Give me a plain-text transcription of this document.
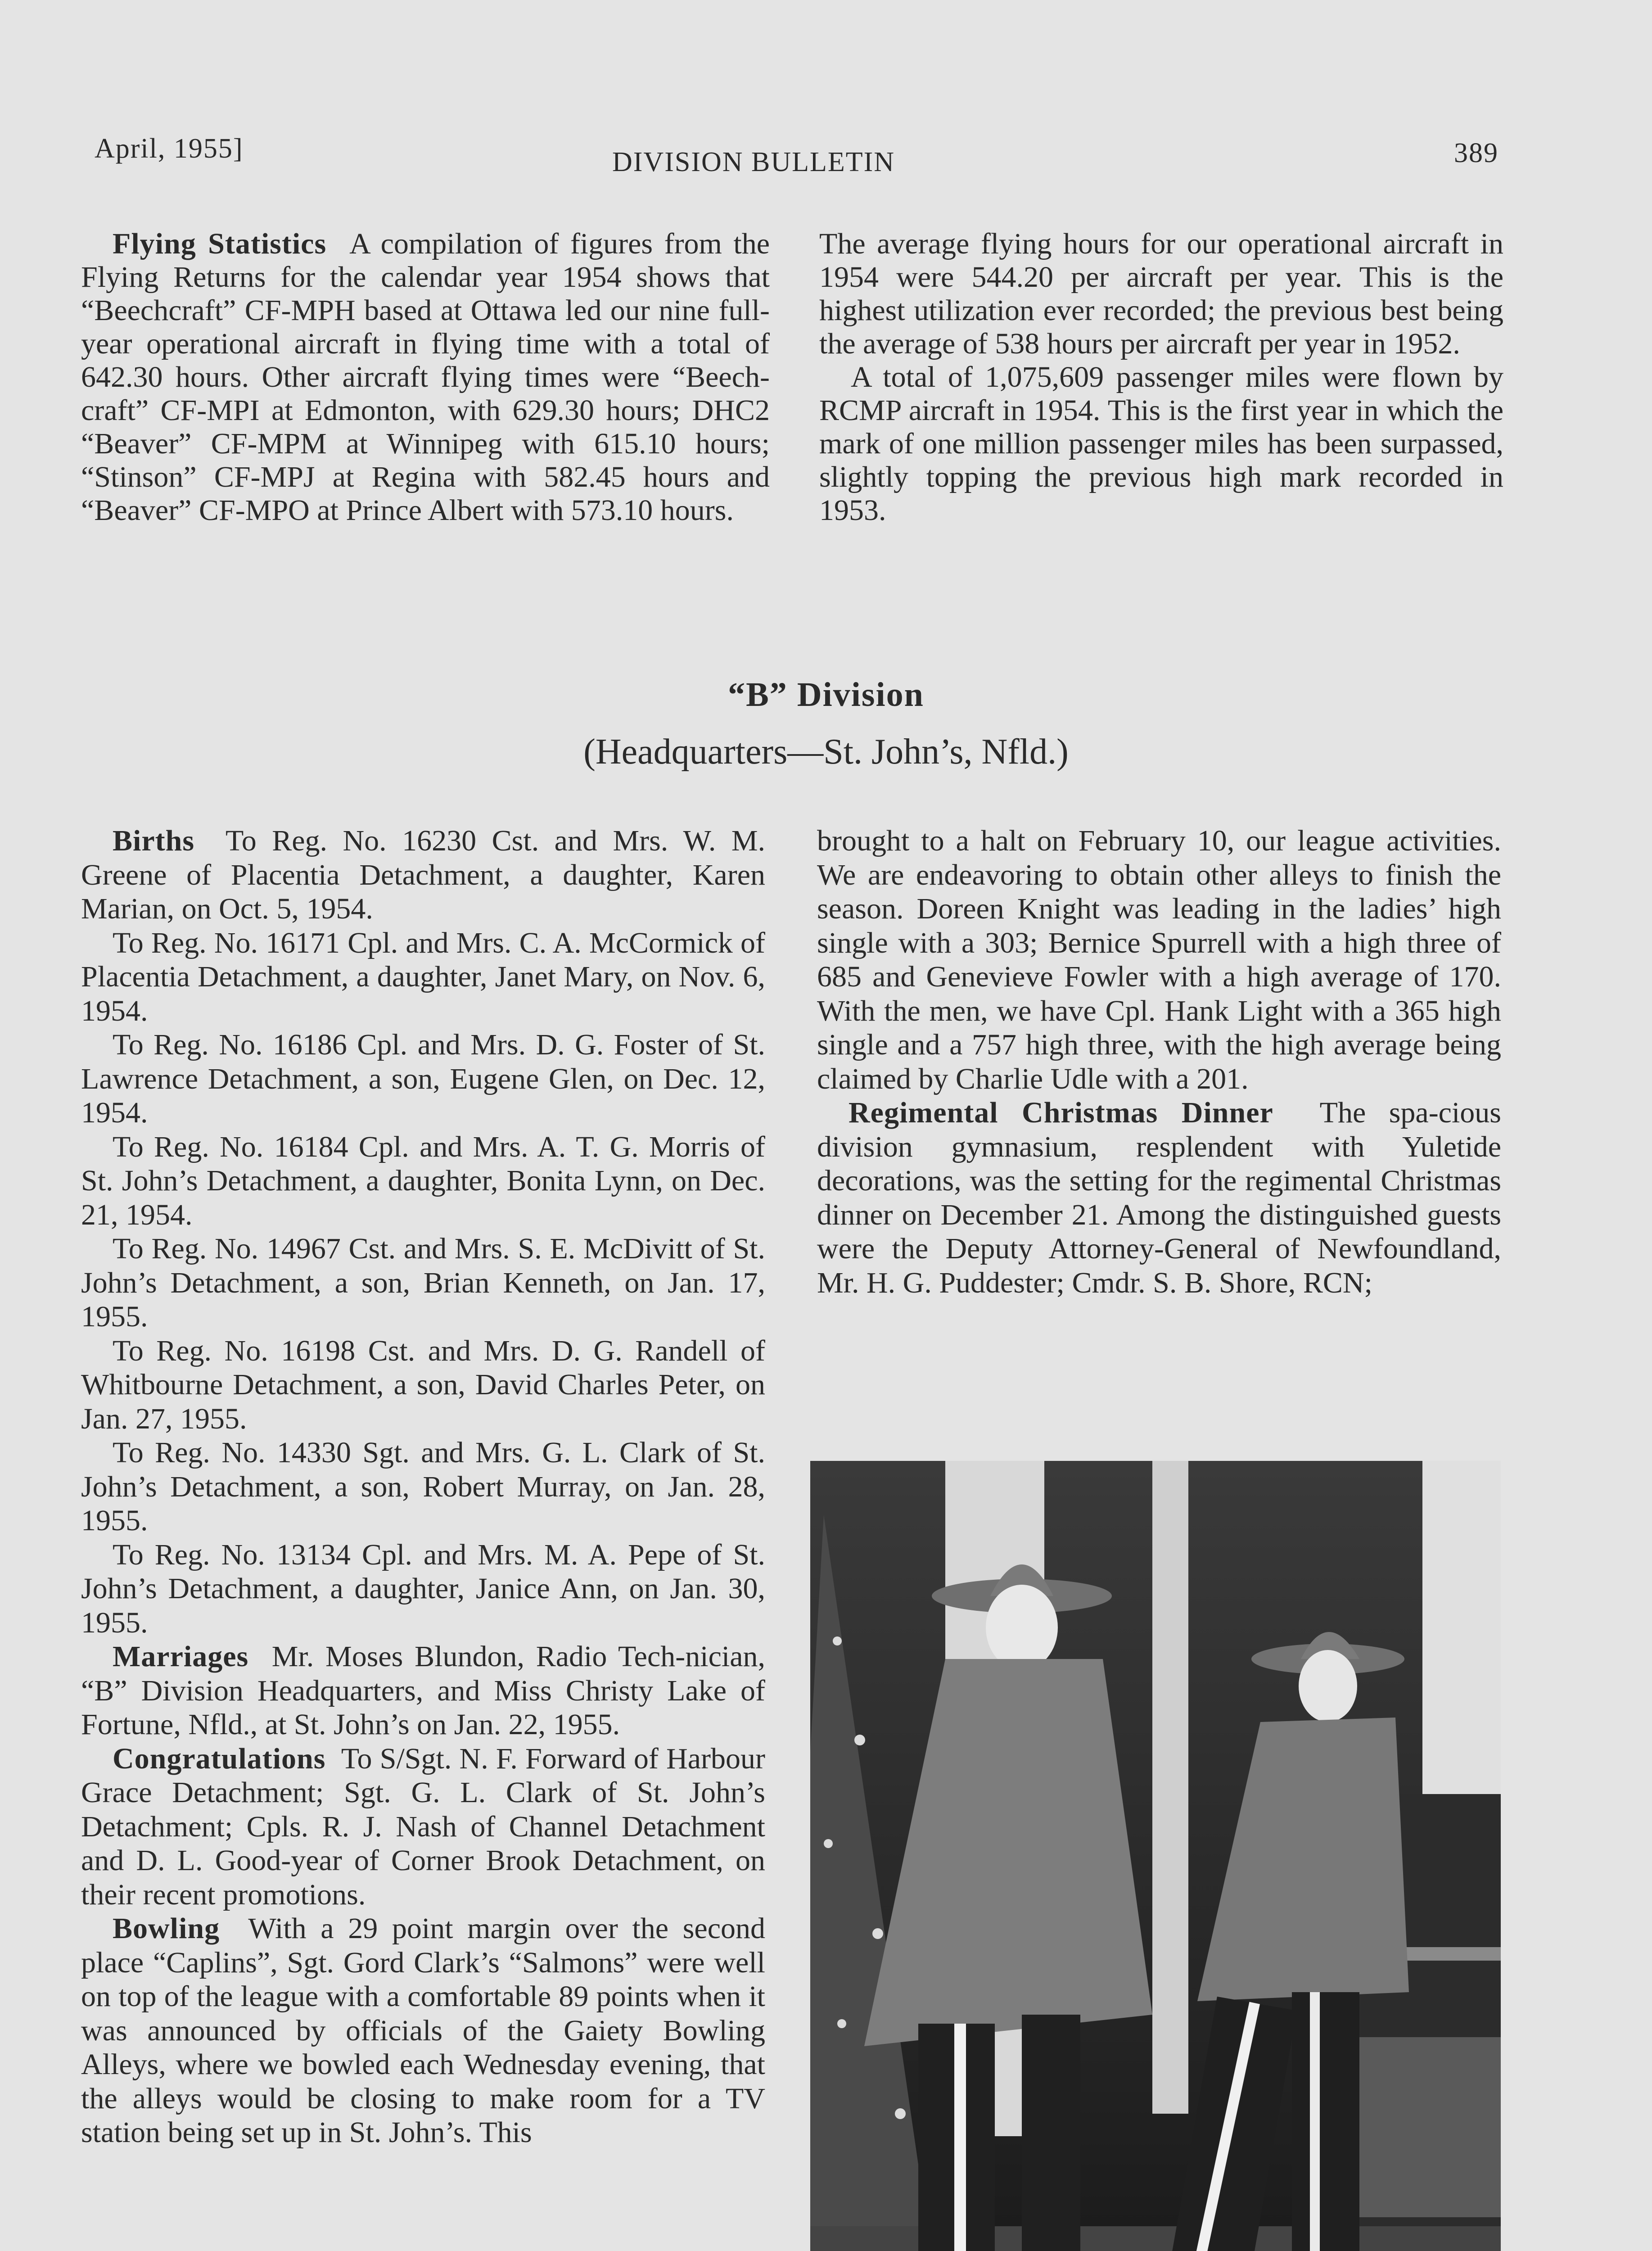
April, 1955]	DIVISION BULLETIN	389

Flying Statistics A compilation of figures from the Flying Returns for the calendar year 1954 shows that “Beechcraft” CF-MPH based at Ottawa led our nine full-year operational aircraft in flying time with a total of 642.30 hours. Other aircraft flying times were “Beech-craft” CF-MPI at Edmonton, with 629.30 hours; DHC2 “Beaver” CF-MPM at Winnipeg with 615.10 hours; “Stinson” CF-MPJ at Regina with 582.45 hours and “Beaver” CF-MPO at Prince Albert with 573.10 hours.

The average flying hours for our operational aircraft in 1954 were 544.20 per aircraft per year. This is the highest utilization ever recorded; the previous best being the average of 538 hours per aircraft per year in 1952.

A total of 1,075,609 passenger miles were flown by RCMP aircraft in 1954. This is the first year in which the mark of one million passenger miles has been surpassed, slightly topping the previous high mark recorded in 1953.

“B” Division
(Headquarters—St. John’s, Nfld.)

Births To Reg. No. 16230 Cst. and Mrs. W. M. Greene of Placentia Detachment, a daughter, Karen Marian, on Oct. 5, 1954.

To Reg. No. 16171 Cpl. and Mrs. C. A. McCormick of Placentia Detachment, a daughter, Janet Mary, on Nov. 6, 1954.

To Reg. No. 16186 Cpl. and Mrs. D. G. Foster of St. Lawrence Detachment, a son, Eugene Glen, on Dec. 12, 1954.

To Reg. No. 16184 Cpl. and Mrs. A. T. G. Morris of St. John’s Detachment, a daughter, Bonita Lynn, on Dec. 21, 1954.

To Reg. No. 14967 Cst. and Mrs. S. E. McDivitt of St. John’s Detachment, a son, Brian Kenneth, on Jan. 17, 1955.

To Reg. No. 16198 Cst. and Mrs. D. G. Randell of Whitbourne Detachment, a son, David Charles Peter, on Jan. 27, 1955.

To Reg. No. 14330 Sgt. and Mrs. G. L. Clark of St. John’s Detachment, a son, Robert Murray, on Jan. 28, 1955.

To Reg. No. 13134 Cpl. and Mrs. M. A. Pepe of St. John’s Detachment, a daughter, Janice Ann, on Jan. 30, 1955.

Marriages Mr. Moses Blundon, Radio Tech-nician, “B” Division Headquarters, and Miss Christy Lake of Fortune, Nfld., at St. John’s on Jan. 22, 1955.

Congratulations To S/Sgt. N. F. Forward of Harbour Grace Detachment; Sgt. G. L. Clark of St. John’s Detachment; Cpls. R. J. Nash of Channel Detachment and D. L. Good-year of Corner Brook Detachment, on their recent promotions.

Bowling With a 29 point margin over the second place “Caplins”, Sgt. Gord Clark’s “Salmons” were well on top of the league with a comfortable 89 points when it was announced by officials of the Gaiety Bowling Alleys, where we bowled each Wednesday evening, that the alleys would be closing to make room for a TV station being set up in St. John’s. This

brought to a halt on February 10, our league activities. We are endeavoring to obtain other alleys to finish the season. Doreen Knight was leading in the ladies’ high single with a 303; Bernice Spurrell with a high three of 685 and Genevieve Fowler with a high average of 170. With the men, we have Cpl. Hank Light with a 365 high single and a 757 high three, with the high average being claimed by Charlie Udle with a 201.

Regimental Christmas Dinner The spa-cious division gymnasium, resplendent with Yuletide decorations, was the setting for the regimental Christmas dinner on December 21. Among the distinguished guests were the Deputy Attorney-General of Newfoundland, Mr. H. G. Puddester; Cmdr. S. B. Shore, RCN;
